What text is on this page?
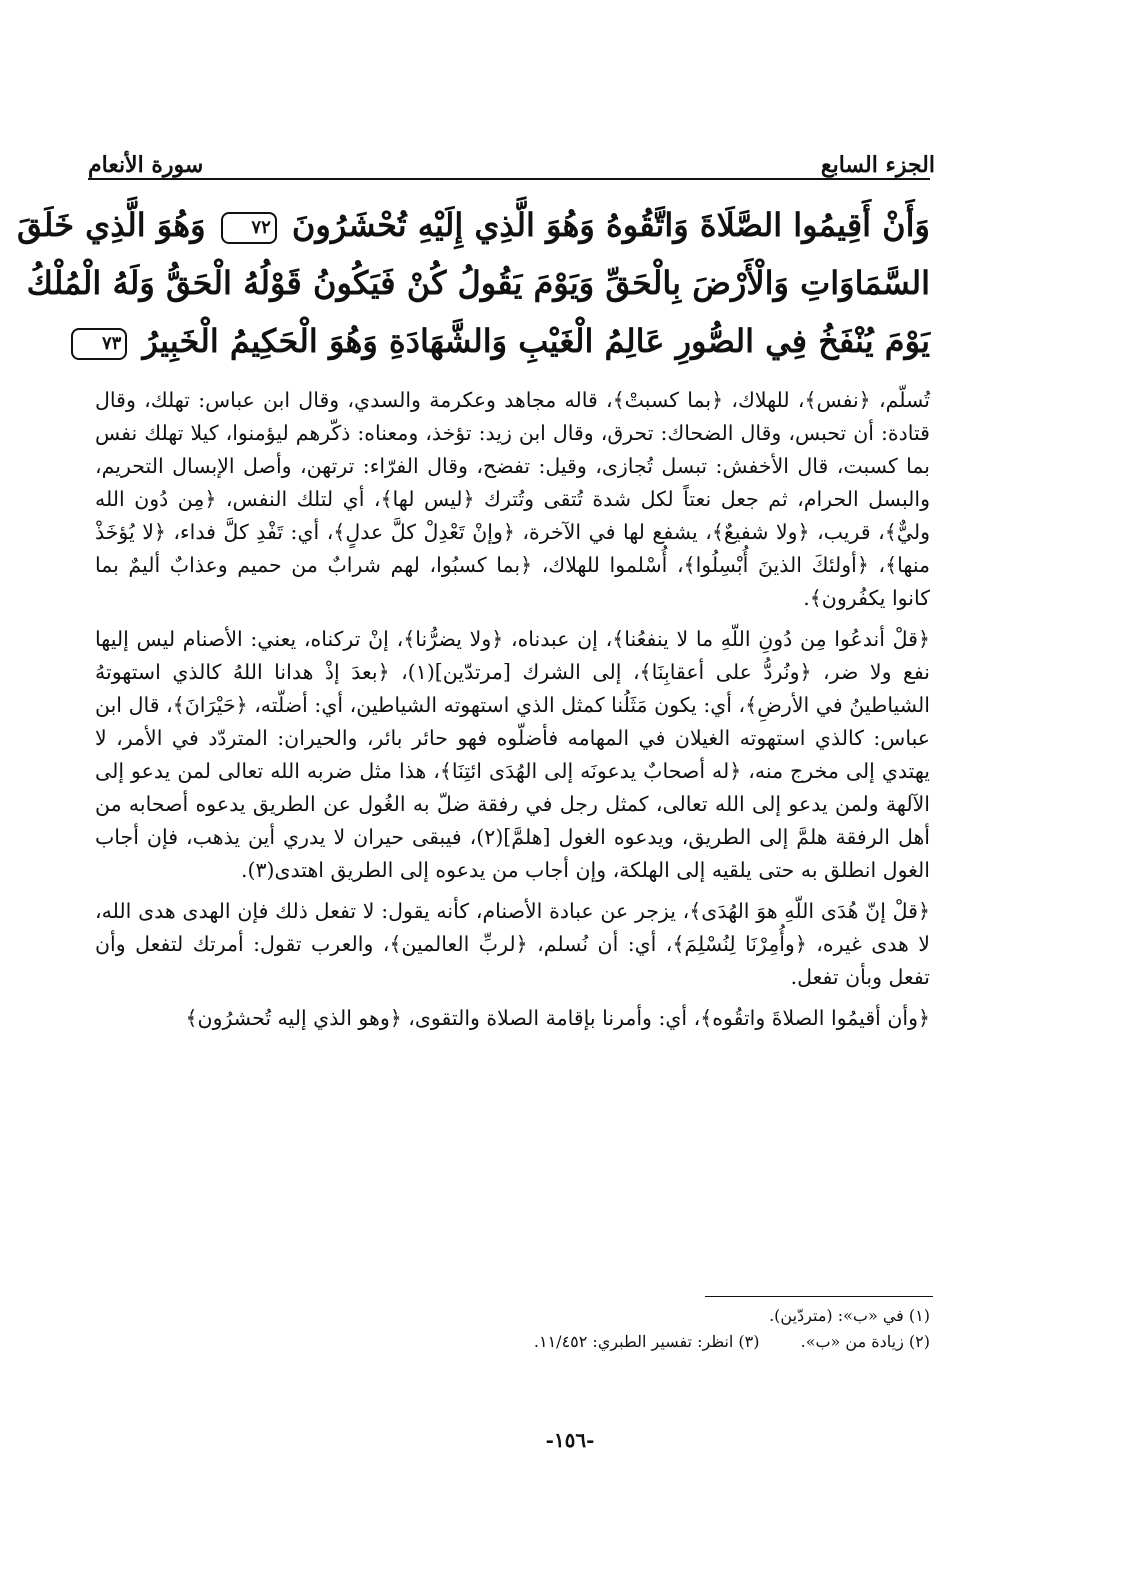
الجزء السابع
سورة الأنعام
وَأَنْ أَقِيمُوا الصَّلَاةَ وَاتَّقُوهُ وَهُوَ الَّذِي إِلَيْهِ تُحْشَرُونَ ٧٢ وَهُوَ الَّذِي خَلَقَ
السَّمَاوَاتِ وَالْأَرْضَ بِالْحَقِّ وَيَوْمَ يَقُولُ كُنْ فَيَكُونُ قَوْلُهُ الْحَقُّ وَلَهُ الْمُلْكُ
يَوْمَ يُنْفَخُ فِي الصُّورِ عَالِمُ الْغَيْبِ وَالشَّهَادَةِ وَهُوَ الْحَكِيمُ الْخَبِيرُ ٧٣

تُسلّم، ﴿نفس﴾، للهلاك، ﴿بما كسبتْ﴾، قاله مجاهد وعكرمة والسدي، وقال ابن عباس: تهلك، وقال قتادة: أن تحبس، وقال الضحاك: تحرق، وقال ابن زيد: تؤخذ، ومعناه: ذكّرهم ليؤمنوا، كيلا تهلك نفس بما كسبت، قال الأخفش: تبسل تُجازى، وقيل: تفضح، وقال الفرّاء: ترتهن، وأصل الإبسال التحريم، والبسل الحرام، ثم جعل نعتاً لكل شدة تُتقى وتُترك ﴿ليس لها﴾، أي لتلك النفس، ﴿مِن دُون الله وليٌّ﴾، قريب، ﴿ولا شفيعٌ﴾، يشفع لها في الآخرة، ﴿وإنْ تَعْدِلْ كلَّ عدلٍ﴾، أي: تَفْدِ كلَّ فداء، ﴿لا يُؤخَذْ منها﴾، ﴿أولئكَ الذينَ أُبْسِلُوا﴾، أُسْلموا للهلاك، ﴿بما كسبُوا، لهم شرابٌ من حميم وعذابٌ أليمٌ بما كانوا يكفُرون﴾.

﴿قلْ أندعُوا مِن دُونِ اللّهِ ما لا ينفعُنا﴾، إن عبدناه، ﴿ولا يضرُّنا﴾، إنْ تركناه، يعني: الأصنام ليس إليها نفع ولا ضر، ﴿ونُردُّ على أعقابِنَا﴾، إلى الشرك [مرتدّين](١)، ﴿بعدَ إذْ هدانا اللهُ كالذي استهوتهُ الشياطينُ في الأرضِ﴾، أي: يكون مَثَلُنا كمثل الذي استهوته الشياطين، أي: أضلّته، ﴿حَيْرَانَ﴾، قال ابن عباس: كالذي استهوته الغيلان في المهامه فأضلّوه فهو حائر بائر، والحيران: المتردّد في الأمر، لا يهتدي إلى مخرج منه، ﴿له أصحابٌ يدعونَه إلى الهُدَى ائتِنَا﴾، هذا مثل ضربه الله تعالى لمن يدعو إلى الآلهة ولمن يدعو إلى الله تعالى، كمثل رجل في رفقة ضلّ به الغُول عن الطريق يدعوه أصحابه من أهل الرفقة هلمَّ إلى الطريق، ويدعوه الغول [هلمَّ](٢)، فيبقى حيران لا يدري أين يذهب، فإن أجاب الغول انطلق به حتى يلقيه إلى الهلكة، وإن أجاب من يدعوه إلى الطريق اهتدى(٣).

﴿قلْ إنّ هُدَى اللّهِ هوَ الهُدَى﴾، يزجر عن عبادة الأصنام، كأنه يقول: لا تفعل ذلك فإن الهدى هدى الله، لا هدى غيره، ﴿وأُمِرْنَا لِنُسْلِمَ﴾، أي: أن نُسلم، ﴿لربِّ العالمين﴾، والعرب تقول: أمرتك لتفعل وأن تفعل وبأن تفعل.

﴿وأن أقيمُوا الصلاةَ واتقُوه﴾، أي: وأمرنا بإقامة الصلاة والتقوى، ﴿وهو الذي إليه تُحشرُون﴾

(١) في «ب»: (متردّين).
(٢) زيادة من «ب». (٣) انظر: تفسير الطبري: ١١/٤٥٢.
-١٥٦-
